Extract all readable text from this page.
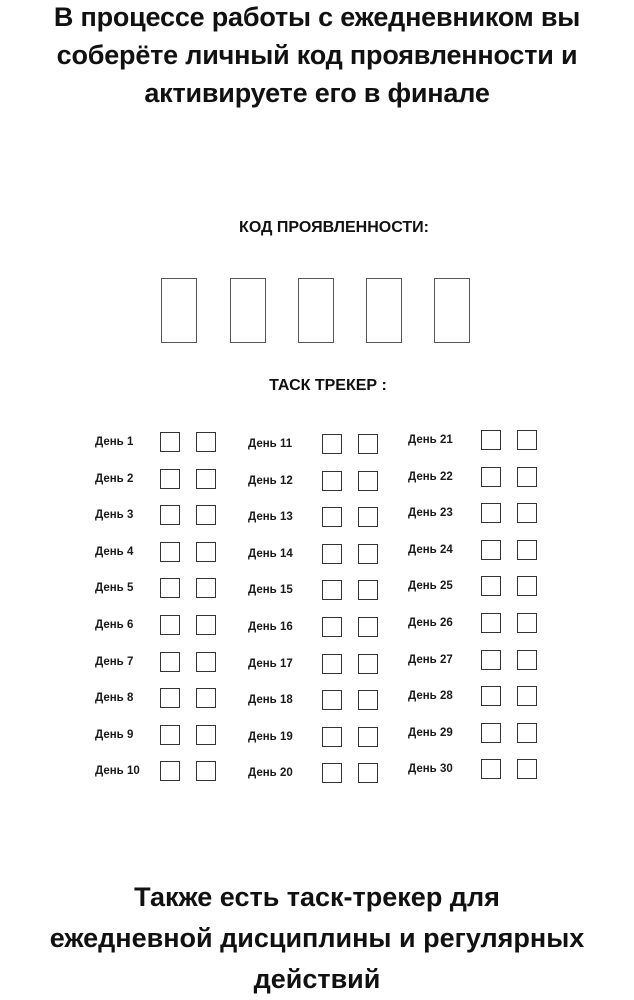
В процессе работы с ежедневником вы
соберёте личный код проявленности и
активируете его в финале
КОД ПРОЯВЛЕННОСТИ:
ТАСК ТРЕКЕР :
День 1
День 2
День 3
День 4
День 5
День 6
День 7
День 8
День 9
День 10
День 11
День 12
День 13
День 14
День 15
День 16
День 17
День 18
День 19
День 20
День 21
День 22
День 23
День 24
День 25
День 26
День 27
День 28
День 29
День 30
Также есть таск-трекер для
ежедневной дисциплины и регулярных
действий
